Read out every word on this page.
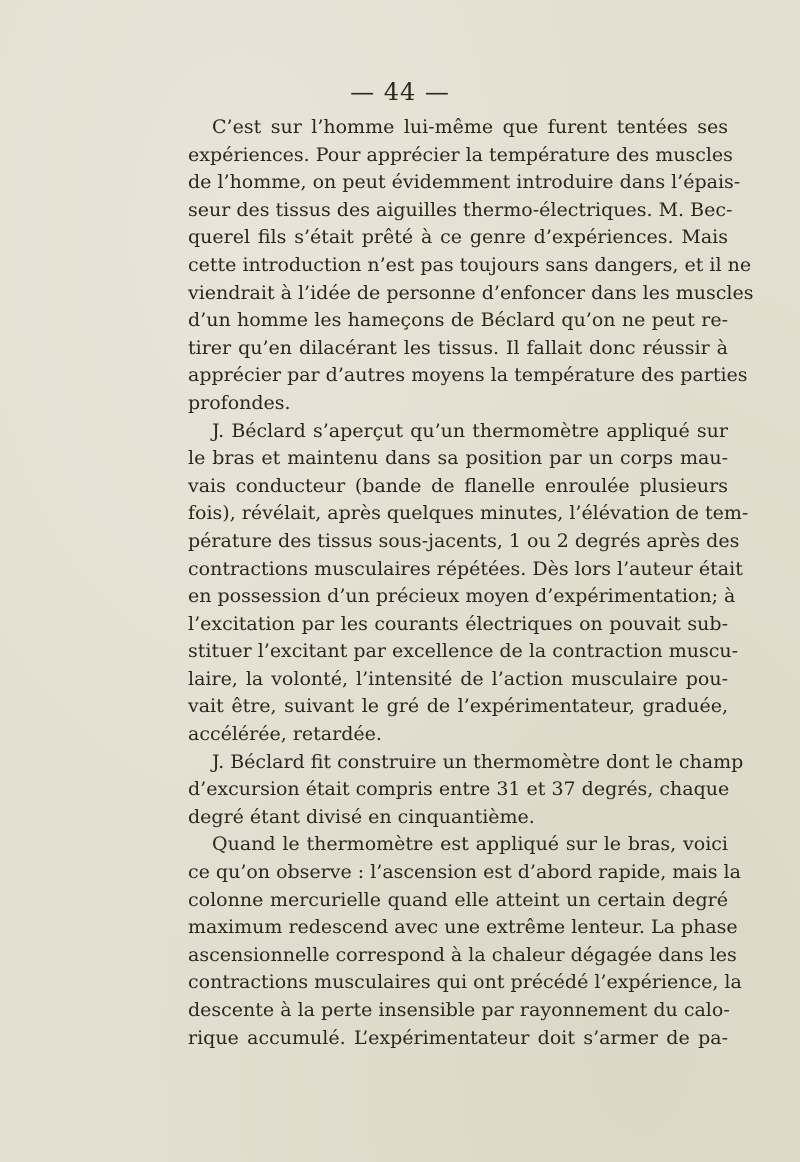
— 44 —
C’est sur l’homme lui-même que furent tentées ses
expériences. Pour apprécier la température des muscles
de l’homme, on peut évidemment introduire dans l’épais-
seur des tissus des aiguilles thermo-électriques. M. Bec-
querel fils s’était prêté à ce genre d’expériences. Mais
cette introduction n’est pas toujours sans dangers, et il ne
viendrait à l’idée de personne d’enfoncer dans les muscles
d’un homme les hameçons de Béclard qu’on ne peut re-
tirer qu’en dilacérant les tissus. Il fallait donc réussir à
apprécier par d’autres moyens la température des parties
profondes.
J. Béclard s’aperçut qu’un thermomètre appliqué sur
le bras et maintenu dans sa position par un corps mau-
vais conducteur (bande de flanelle enroulée plusieurs
fois), révélait, après quelques minutes, l’élévation de tem-
pérature des tissus sous-jacents, 1 ou 2 degrés après des
contractions musculaires répétées. Dès lors l’auteur était
en possession d’un précieux moyen d’expérimentation; à
l’excitation par les courants électriques on pouvait sub-
stituer l’excitant par excellence de la contraction muscu-
laire, la volonté, l’intensité de l’action musculaire pou-
vait être, suivant le gré de l’expérimentateur, graduée,
accélérée, retardée.
J. Béclard fit construire un thermomètre dont le champ
d’excursion était compris entre 31 et 37 degrés, chaque
degré étant divisé en cinquantième.
Quand le thermomètre est appliqué sur le bras, voici
ce qu’on observe : l’ascension est d’abord rapide, mais la
colonne mercurielle quand elle atteint un certain degré
maximum redescend avec une extrême lenteur. La phase
ascensionnelle correspond à la chaleur dégagée dans les
contractions musculaires qui ont précédé l’expérience, la
descente à la perte insensible par rayonnement du calo-
rique accumulé. L’expérimentateur doit s’armer de pa-
